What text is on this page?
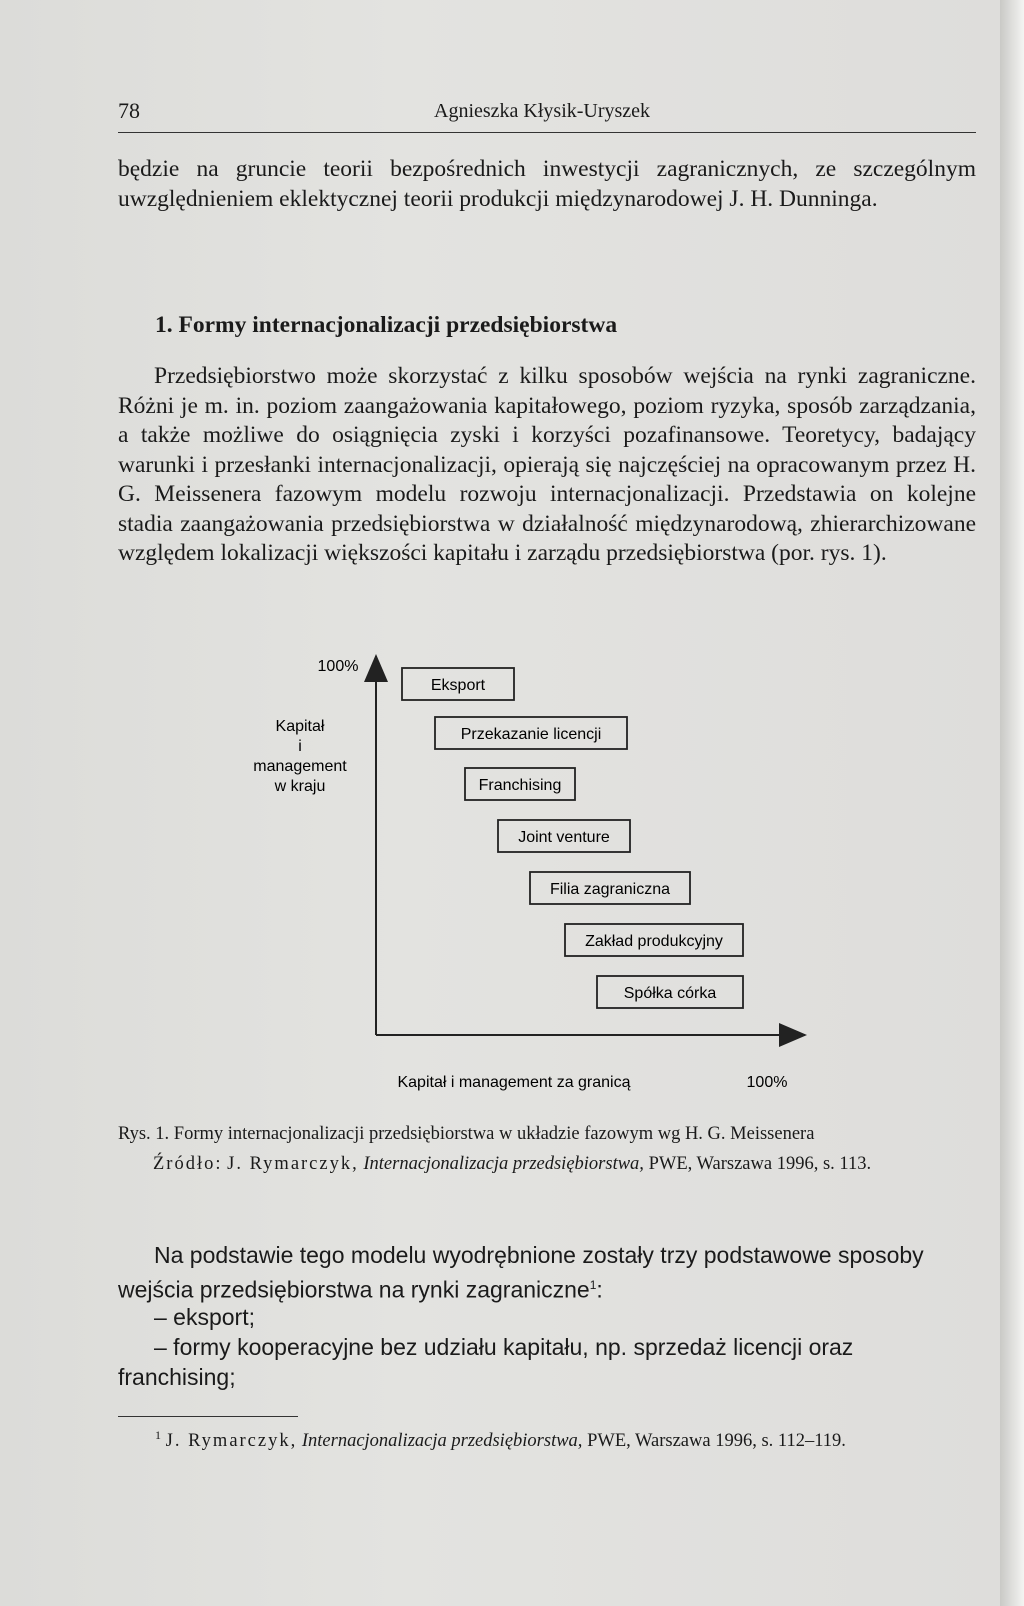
78	Agnieszka Kłysik-Uryszek

będzie na gruncie teorii bezpośrednich inwestycji zagranicznych, ze szczególnym uwzględnieniem eklektycznej teorii produkcji międzynarodowej J. H. Dunninga.

1. Formy internacjonalizacji przedsiębiorstwa

Przedsiębiorstwo może skorzystać z kilku sposobów wejścia na rynki zagraniczne. Różni je m. in. poziom zaangażowania kapitałowego, poziom ryzyka, sposób zarządzania, a także możliwe do osiągnięcia zyski i korzyści pozafinansowe. Teoretycy, badający warunki i przesłanki internacjonalizacji, opierają się najczęściej na opracowanym przez H. G. Meissenera fazowym modelu rozwoju internacjonalizacji. Przedstawia on kolejne stadia zaangażowania przedsiębiorstwa w działalność międzynarodową, zhierarchizowane względem lokalizacji większości kapitału i zarządu przedsiębiorstwa (por. rys. 1).

100%
Kapitał
i
management
w kraju
Kapitał i management za granicą	100%
Eksport
Przekazanie licencji
Franchising
Joint venture
Filia zagraniczna
Zakład produkcyjny
Spółka córka
Rys. 1. Formy internacjonalizacji przedsiębiorstwa w układzie fazowym wg H. G. Meissenera
Źródło: J. Rymarczyk, Internacjonalizacja przedsiębiorstwa, PWE, Warszawa 1996, s. 113.

Na podstawie tego modelu wyodrębnione zostały trzy podstawowe sposoby wejścia przedsiębiorstwa na rynki zagraniczne$^1$:

– eksport;

– formy kooperacyjne bez udziału kapitału, np. sprzedaż licencji oraz franchising;

$^1$ J. Rymarczyk, Internacjonalizacja przedsiębiorstwa, PWE, Warszawa 1996, s. 112–119.
